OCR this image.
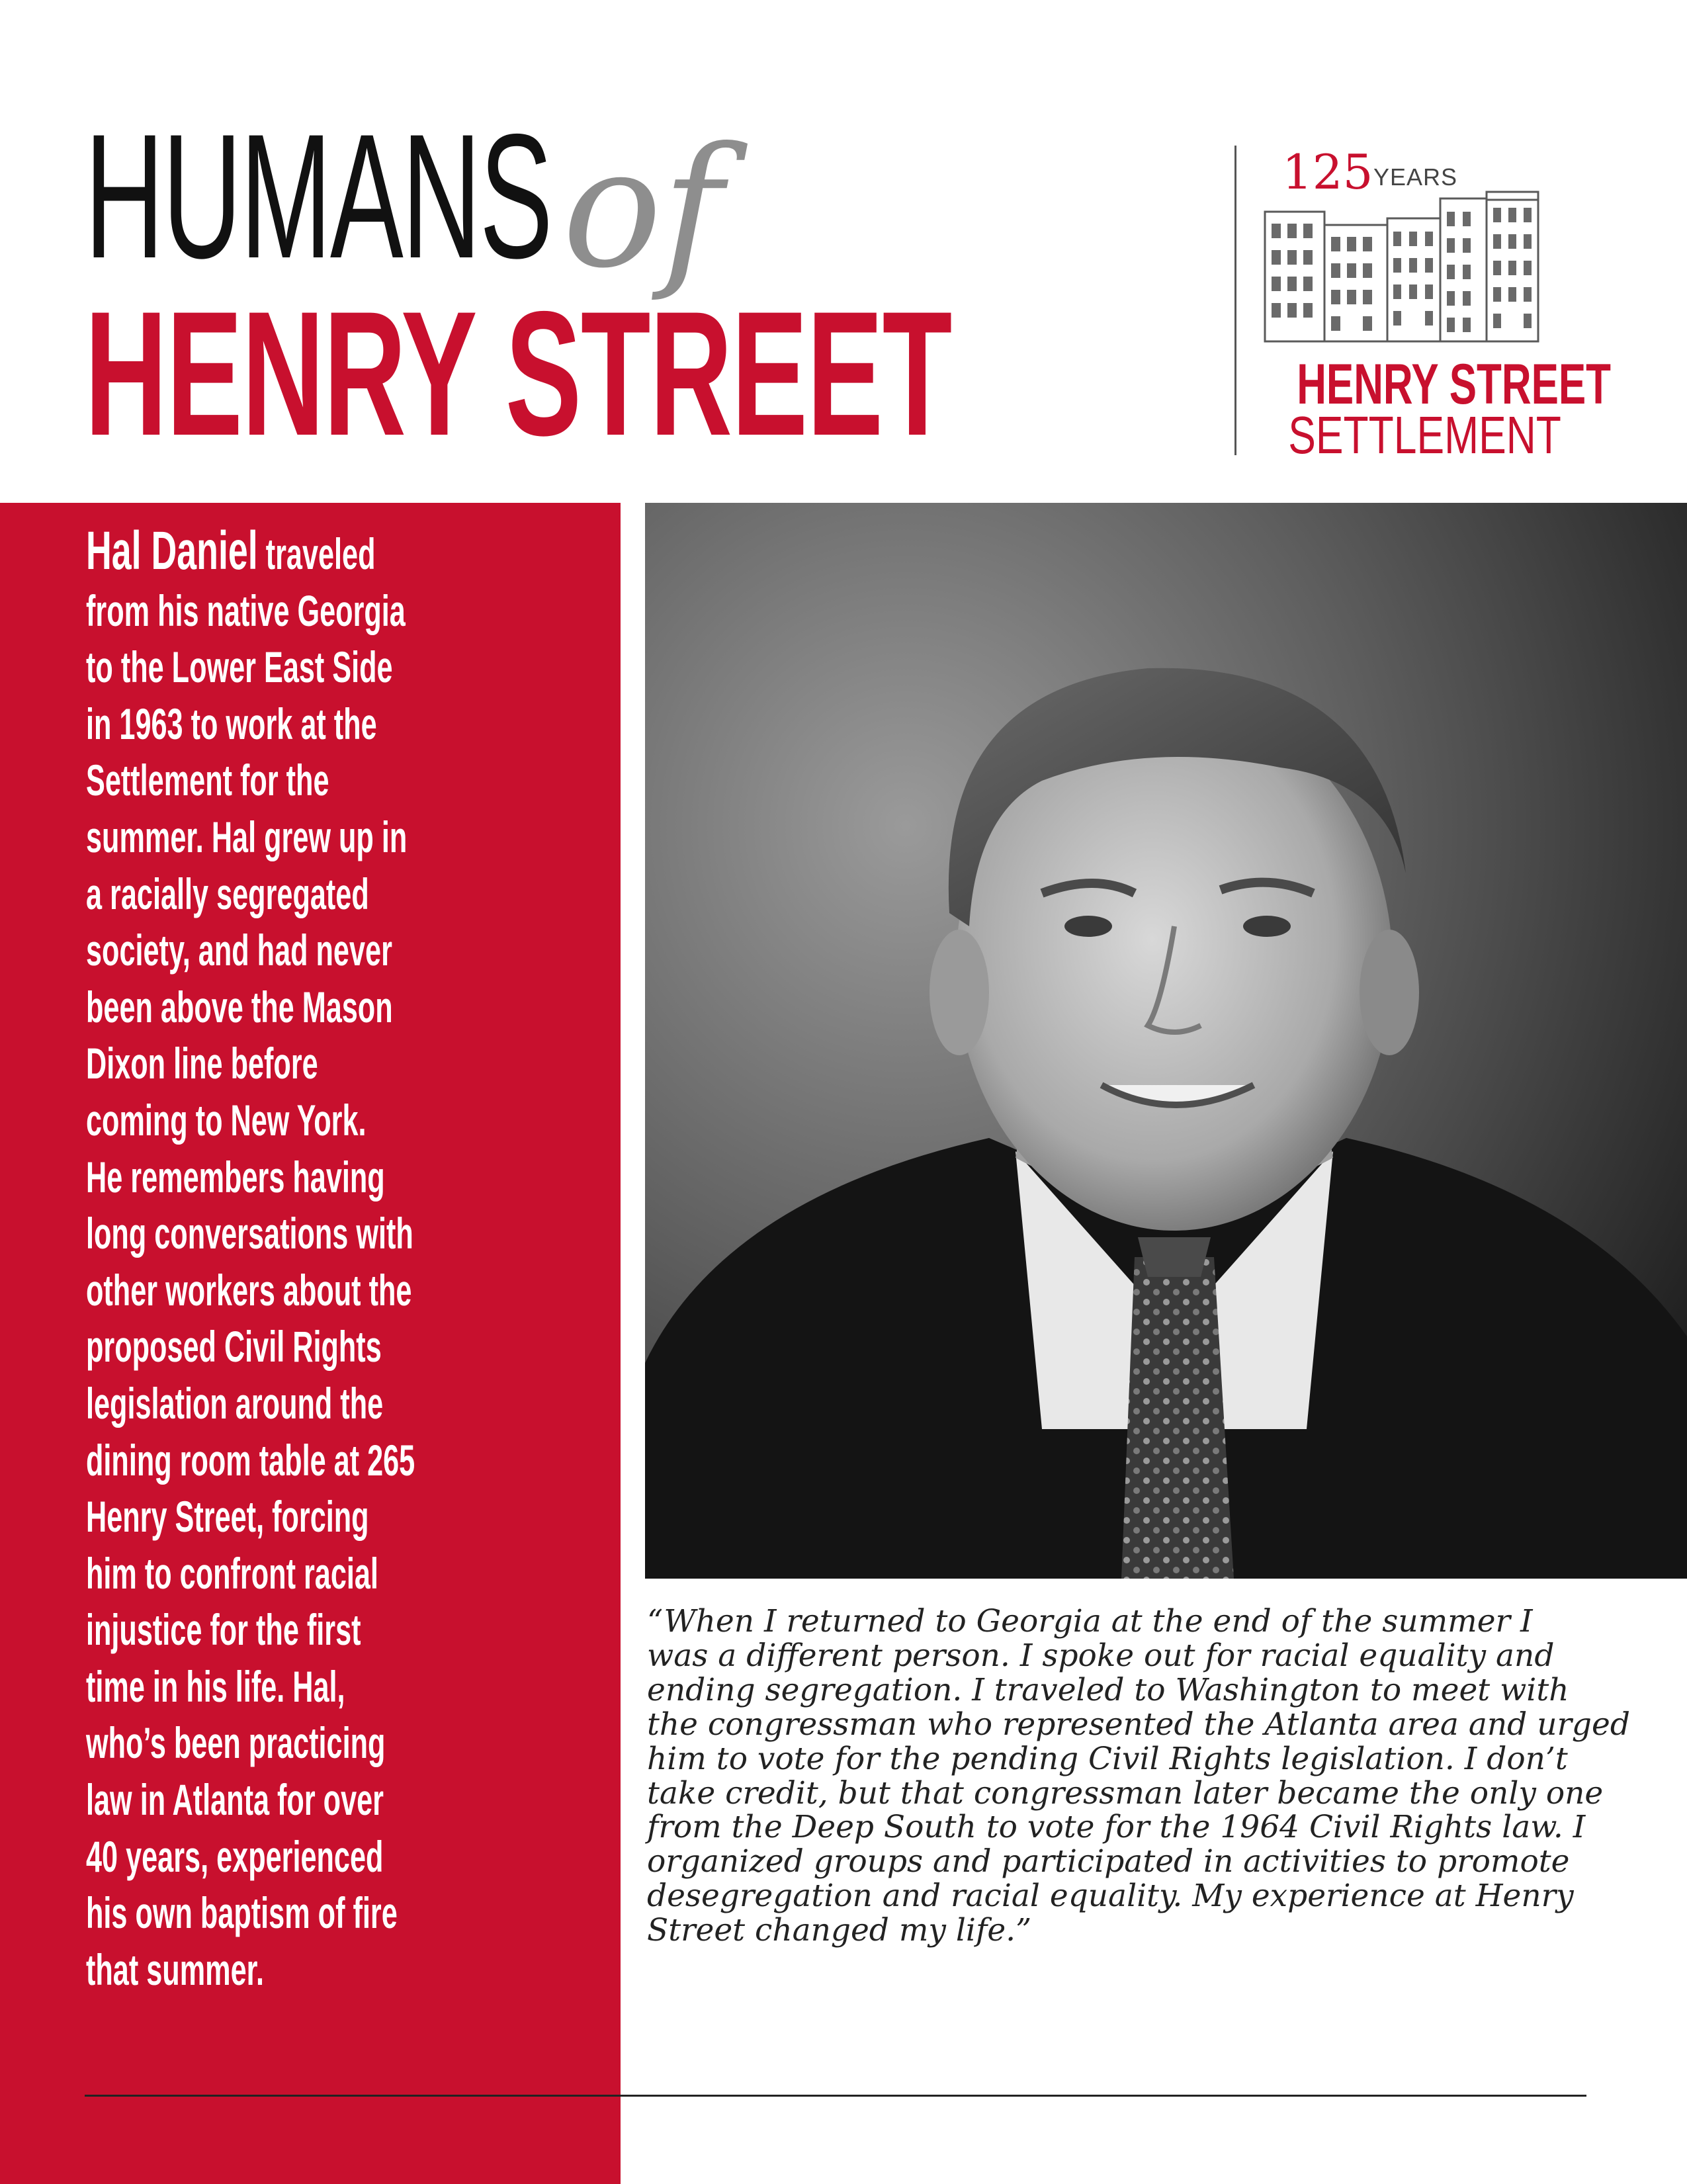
HUMANS of
HENRY STREET
125 YEARS
HENRY STREET
SETTLEMENT
Hal Daniel traveled
from his native Georgia
to the Lower East Side
in 1963 to work at the
Settlement for the
summer. Hal grew up in
a racially segregated
society, and had never
been above the Mason
Dixon line before
coming to New York.
He remembers having
long conversations with
other workers about the
proposed Civil Rights
legislation around the
dining room table at 265
Henry Street, forcing
him to confront racial
injustice for the first
time in his life. Hal,
who’s been practicing
law in Atlanta for over
40 years, experienced
his own baptism of fire
that summer.
“When I returned to Georgia at the end of the summer I
was a different person. I spoke out for racial equality and
ending segregation. I traveled to Washington to meet with
the congressman who represented the Atlanta area and urged
him to vote for the pending Civil Rights legislation. I don’t
take credit, but that congressman later became the only one
from the Deep South to vote for the 1964 Civil Rights law. I
organized groups and participated in activities to promote
desegregation and racial equality. My experience at Henry
Street changed my life.”
